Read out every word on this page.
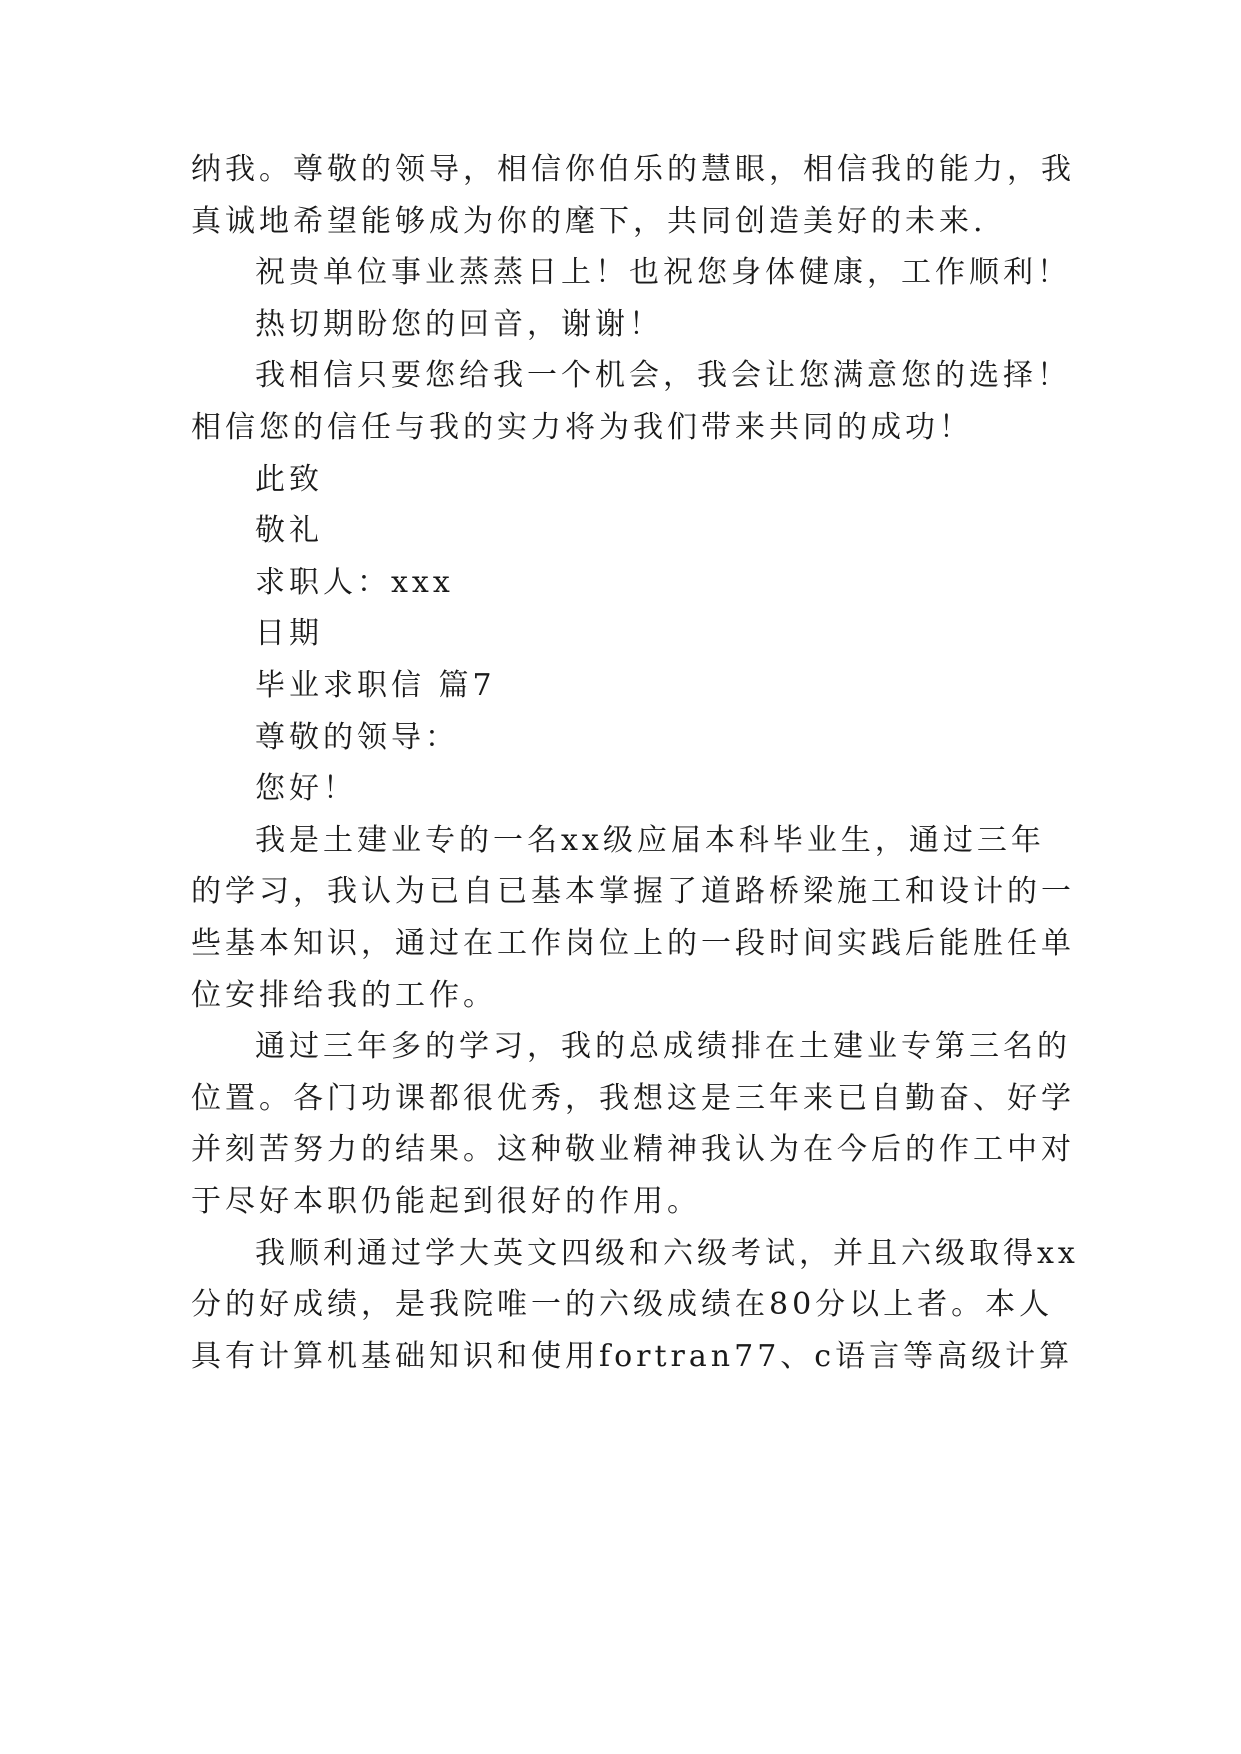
纳我。尊敬的领导，相信你伯乐的慧眼，相信我的能力，我
真诚地希望能够成为你的麾下，共同创造美好的未来.
祝贵单位事业蒸蒸日上！也祝您身体健康，工作顺利！
热切期盼您的回音，谢谢！
我相信只要您给我一个机会，我会让您满意您的选择！
相信您的信任与我的实力将为我们带来共同的成功！
此致
敬礼
求职人：xxx
日期
毕业求职信 篇7
尊敬的领导：
您好！
我是土建业专的一名xx级应届本科毕业生，通过三年
的学习，我认为已自已基本掌握了道路桥梁施工和设计的一
些基本知识，通过在工作岗位上的一段时间实践后能胜任单
位安排给我的工作。
通过三年多的学习，我的总成绩排在土建业专第三名的
位置。各门功课都很优秀，我想这是三年来已自勤奋、好学
并刻苦努力的结果。这种敬业精神我认为在今后的作工中对
于尽好本职仍能起到很好的作用。
我顺利通过学大英文四级和六级考试，并且六级取得xx
分的好成绩，是我院唯一的六级成绩在80分以上者。本人
具有计算机基础知识和使用fortran77、c语言等高级计算
